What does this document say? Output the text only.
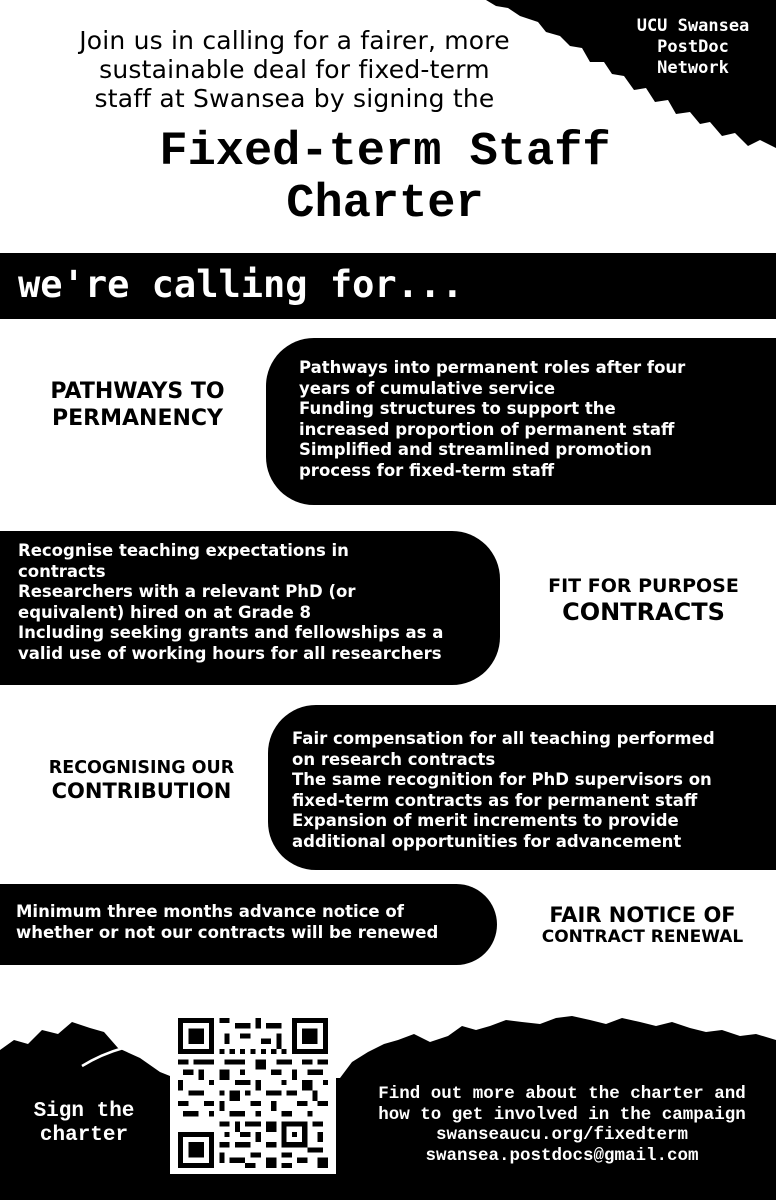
Join us in calling for a fairer, more
sustainable deal for fixed-term
staff at Swansea by signing the
UCU Swansea
PostDoc
Network
Fixed-term Staff
Charter
we're calling for...
PATHWAYS TO
PERMANENCY
Pathways into permanent roles after four
years of cumulative service
Funding structures to support the
increased proportion of permanent staff
Simplified and streamlined promotion
process for fixed-term staff
Recognise teaching expectations in
contracts
Researchers with a relevant PhD (or
equivalent) hired on at Grade 8
Including seeking grants and fellowships as a
valid use of working hours for all researchers
FIT FOR PURPOSE
CONTRACTS
RECOGNISING OUR
CONTRIBUTION
Fair compensation for all teaching performed
on research contracts
The same recognition for PhD supervisors on
fixed-term contracts as for permanent staff
Expansion of merit increments to provide
additional opportunities for advancement
Minimum three months advance notice of
whether or not our contracts will be renewed
FAIR NOTICE OF
CONTRACT RENEWAL
Sign the
charter
Find out more about the charter and
how to get involved in the campaign
swanseaucu.org/fixedterm
swansea.postdocs@gmail.com
